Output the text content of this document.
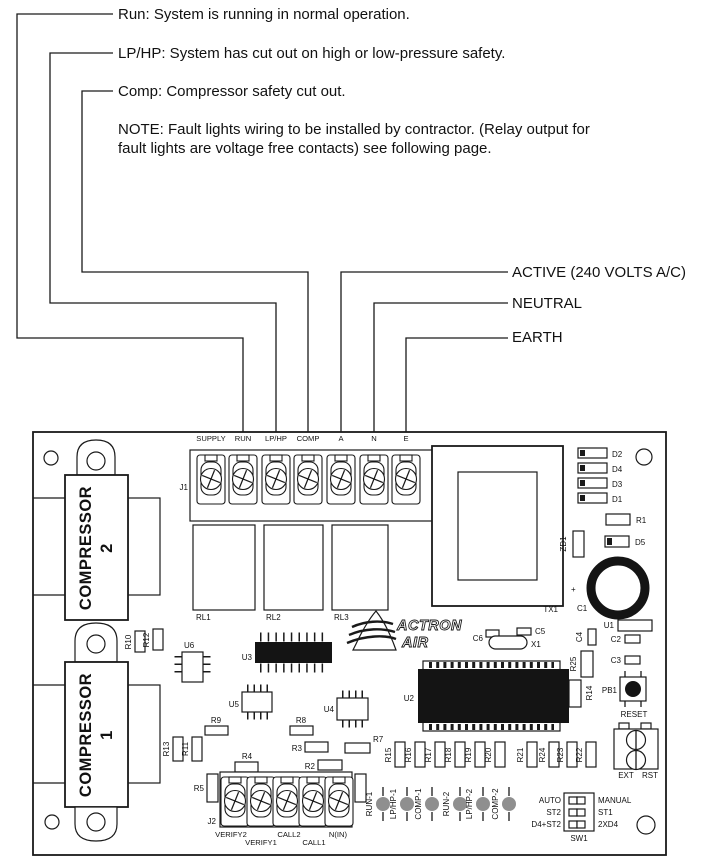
Run: System is running in normal operation.
LP/HP: System has cut out on high or low-pressure safety.
Comp: Compressor safety cut out.
NOTE: Fault lights wiring to be installed by contractor. (Relay output for
fault lights are voltage free contacts) see following page.
ACTIVE (240 VOLTS A/C)
NEUTRAL
EARTH
COMPRESSOR 2
COMPRESSOR 1
J1
SUPPLY RUN LP/HP COMP	A	N	E
RL1	RL2	RL3
ACTRON
AIR
TX1
D2
D4
D3
D1
R1
ZD1	D5
+
C1
C6
C5
X1
U1
C2
C3
C4
R25
R14 PB1
RESET
EXT RST
U6
U3
U5
U4
U2
R10 R12
R13 R11
R9	R8
R3
R7
R4
R2
R5
R15 R16 R17 R18 R19 R20	R21 R24 R23 R22
J2
VERIFY2
VERIFY1
CALL2
CALL1
N(IN)
RUN-1 LP/HP-1 COMP-1 RUN-2 LP/HP-2 COMP-2	AUTO
ST2
D4+ST2
MANUAL
ST1
2XD4
SW1
